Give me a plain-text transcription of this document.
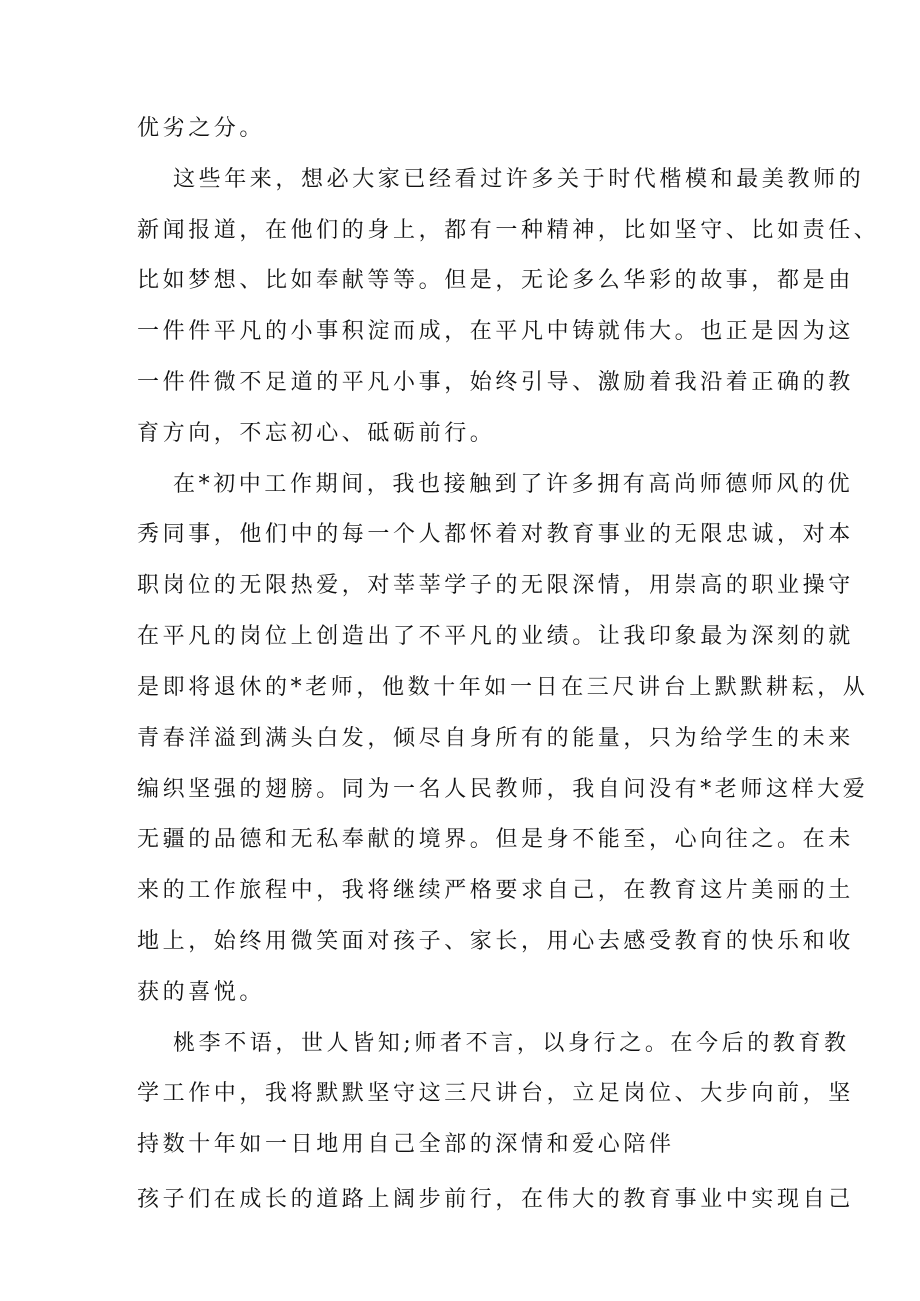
优劣之分。
这些年来，想必大家已经看过许多关于时代楷模和最美教师的
新闻报道，在他们的身上，都有一种精神，比如坚守、比如责任、
比如梦想、比如奉献等等。但是，无论多么华彩的故事，都是由
一件件平凡的小事积淀而成，在平凡中铸就伟大。也正是因为这
一件件微不足道的平凡小事，始终引导、激励着我沿着正确的教
育方向，不忘初心、砥砺前行。
在*初中工作期间，我也接触到了许多拥有高尚师德师风的优
秀同事，他们中的每一个人都怀着对教育事业的无限忠诚，对本
职岗位的无限热爱，对莘莘学子的无限深情，用崇高的职业操守
在平凡的岗位上创造出了不平凡的业绩。让我印象最为深刻的就
是即将退休的*老师，他数十年如一日在三尺讲台上默默耕耘，从
青春洋溢到满头白发，倾尽自身所有的能量，只为给学生的未来
编织坚强的翅膀。同为一名人民教师，我自问没有*老师这样大爱
无疆的品德和无私奉献的境界。但是身不能至，心向往之。在未
来的工作旅程中，我将继续严格要求自己，在教育这片美丽的土
地上，始终用微笑面对孩子、家长，用心去感受教育的快乐和收
获的喜悦。
桃李不语，世人皆知;师者不言，以身行之。在今后的教育教
学工作中，我将默默坚守这三尺讲台，立足岗位、大步向前，坚
持数十年如一日地用自己全部的深情和爱心陪伴
孩子们在成长的道路上阔步前行，在伟大的教育事业中实现自己
